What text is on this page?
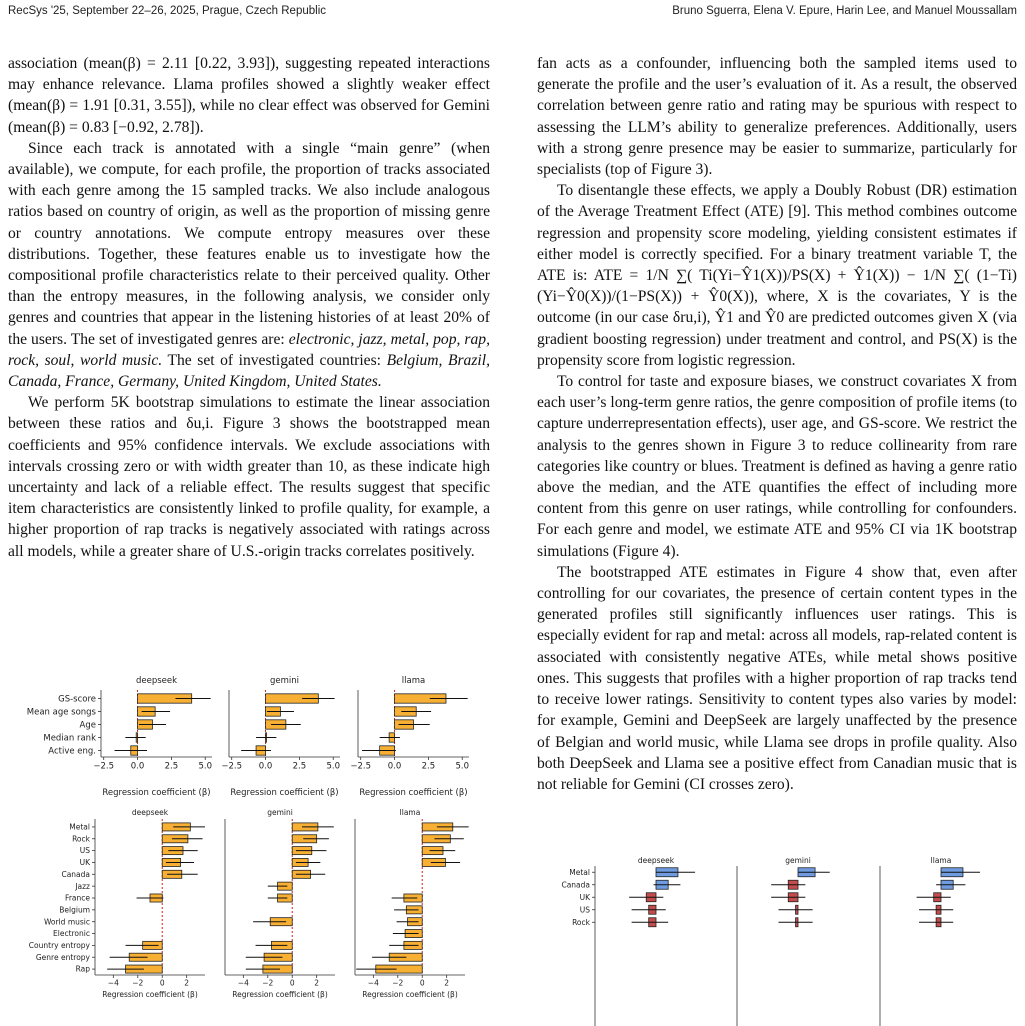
RecSys '25, September 22–26, 2025, Prague, Czech Republic	Bruno Sguerra, Elena V. Epure, Harin Lee, and Manuel Moussallam

association (mean(β) = 2.11 [0.22, 3.93]), suggesting repeated interactions may enhance relevance. Llama profiles showed a slightly weaker effect (mean(β) = 1.91 [0.31, 3.55]), while no clear effect was observed for Gemini (mean(β) = 0.83 [−0.92, 2.78]).

Since each track is annotated with a single “main genre” (when available), we compute, for each profile, the proportion of tracks associated with each genre among the 15 sampled tracks. We also include analogous ratios based on country of origin, as well as the proportion of missing genre or country annotations. We compute entropy measures over these distributions. Together, these features enable us to investigate how the compositional profile characteristics relate to their perceived quality. Other than the entropy measures, in the following analysis, we consider only genres and countries that appear in the listening histories of at least 20% of the users. The set of investigated genres are: electronic, jazz, metal, pop, rap, rock, soul, world music. The set of investigated countries: Belgium, Brazil, Canada, France, Germany, United Kingdom, United States.

We perform 5K bootstrap simulations to estimate the linear association between these ratios and δu,i. Figure 3 shows the bootstrapped mean coefficients and 95% confidence intervals. We exclude associations with intervals crossing zero or with width greater than 10, as these indicate high uncertainty and lack of a reliable effect. The results suggest that specific item characteristics are consistently linked to profile quality, for example, a higher proportion of rap tracks is negatively associated with ratings across all models, while a greater share of U.S.-origin tracks correlates positively.

fan acts as a confounder, influencing both the sampled items used to generate the profile and the user’s evaluation of it. As a result, the observed correlation between genre ratio and rating may be spurious with respect to assessing the LLM’s ability to generalize preferences. Additionally, users with a strong genre presence may be easier to summarize, particularly for specialists (top of Figure 3).

To disentangle these effects, we apply a Doubly Robust (DR) estimation of the Average Treatment Effect (ATE) [9]. This method combines outcome regression and propensity score modeling, yielding consistent estimates if either model is correctly specified. For a binary treatment variable T, the ATE is: ATE = 1/N ∑( Ti(Yi−Ŷ1(X))/PS(X) + Ŷ1(X)) − 1/N ∑( (1−Ti)(Yi−Ŷ0(X))/(1−PS(X)) + Ŷ0(X)), where, X is the covariates, Y is the outcome (in our case δru,i), Ŷ1 and Ŷ0 are predicted outcomes given X (via gradient boosting regression) under treatment and control, and PS(X) is the propensity score from logistic regression.

To control for taste and exposure biases, we construct covariates X from each user’s long-term genre ratios, the genre composition of profile items (to capture underrepresentation effects), user age, and GS-score. We restrict the analysis to the genres shown in Figure 3 to reduce collinearity from rare categories like country or blues. Treatment is defined as having a genre ratio above the median, and the ATE quantifies the effect of including more content from this genre on user ratings, while controlling for confounders. For each genre and model, we estimate ATE and 95% CI via 1K bootstrap simulations (Figure 4).

The bootstrapped ATE estimates in Figure 4 show that, even after controlling for our covariates, the presence of certain content types in the generated profiles still significantly influences user ratings. This is especially evident for rap and metal: across all models, rap-related content is associated with consistently negative ATEs, while metal shows positive ones. This suggests that profiles with a higher proportion of rap tracks tend to receive lower ratings. Sensitivity to content types also varies by model: for example, Gemini and DeepSeek are largely unaffected by the presence of Belgian and world music, while Llama see drops in profile quality. Also both DeepSeek and Llama see a positive effect from Canadian music that is not reliable for Gemini (CI crosses zero).

deepseek
−2.5 0.0 2.5 5.0
Regression coefficient (β)
GS-score
Mean age songs
Age
Median rank
Active eng.
gemini
−2.5 0.0 2.5 5.0
Regression coefficient (β)
llama
−2.5 0.0 2.5 5.0
Regression coefficient (β)
deepseek
−4 −2 0	2
Regression coefficient (β)
Metal
Rock
US
UK
Canada
Jazz
France
Belgium
World music
Electronic
Country entropy
Genre entropy
Rap
gemini
−4 −2 0	2
Regression coefficient (β)
llama
−4 −2 0	2
Regression coefficient (β)
deepseek
Metal
Canada
UK
US
Rock
gemini	llama
